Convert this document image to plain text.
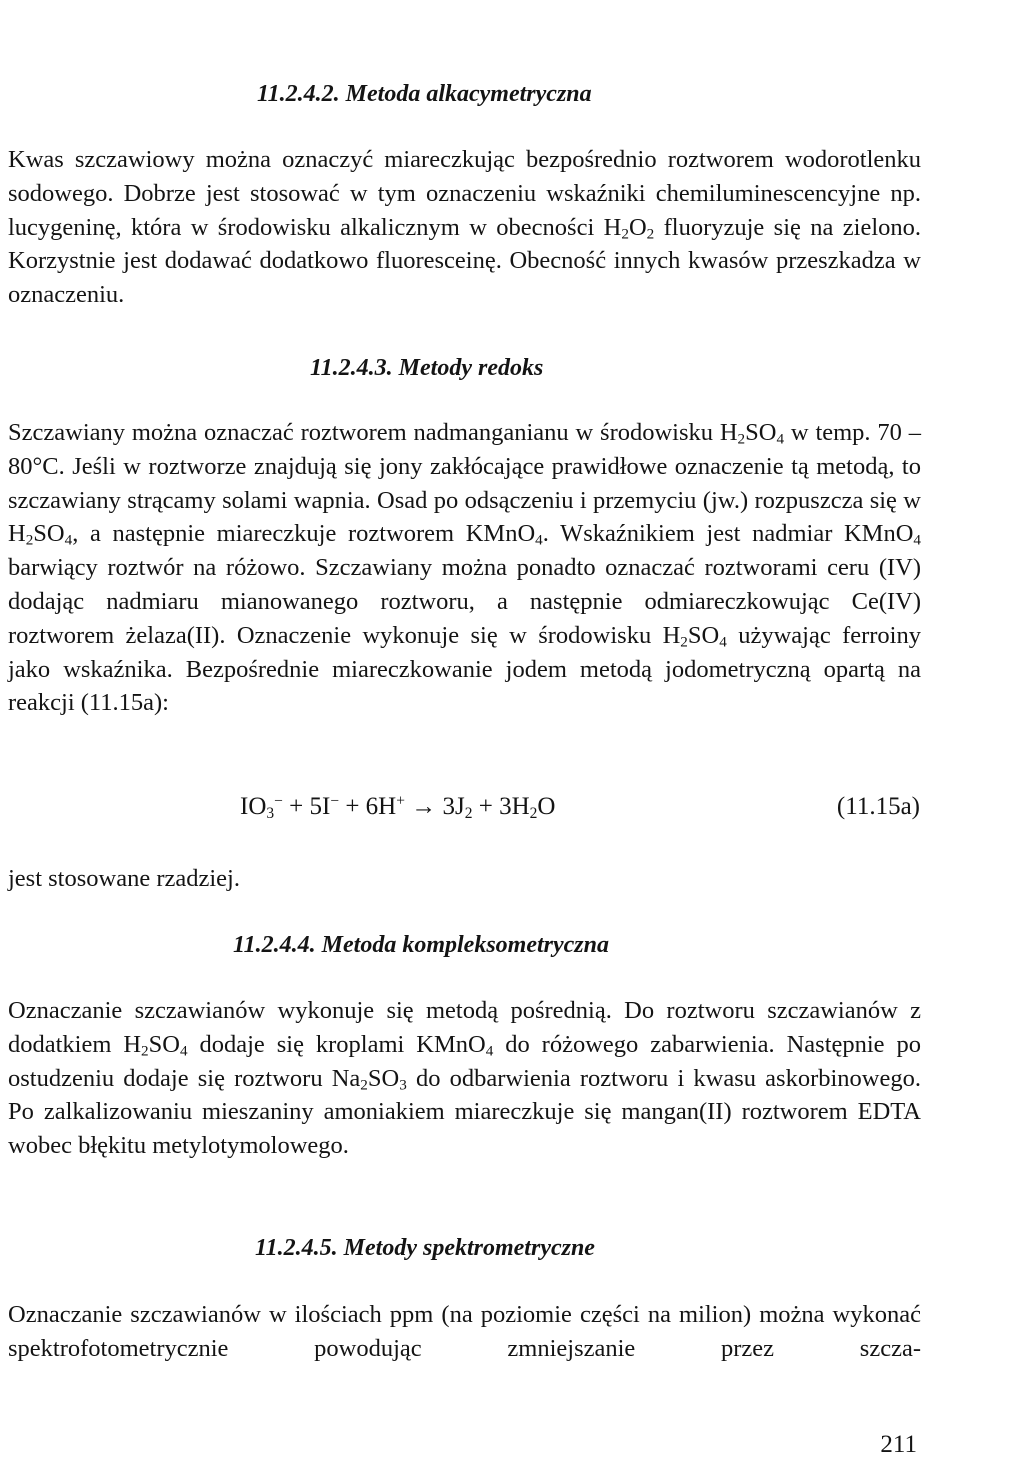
11.2.4.2. Metoda alkacymetryczna
Kwas szczawiowy można oznaczyć miareczkując bezpośrednio roztworem wodorotlenku sodowego. Dobrze jest stosować w tym oznaczeniu wskaźniki chemiluminescencyjne np. lucygeninę, która w środowisku alkalicznym w obecności $H_2O_2$ fluoryzuje się na zielono. Korzystnie jest dodawać dodatkowo fluoresceinę. Obecność innych kwasów przeszkadza w oznaczeniu.
11.2.4.3. Metody redoks
Szczawiany można oznaczać roztworem nadmanganianu w środowisku $H_2SO_4$ w temp. 70 – 80°C. Jeśli w roztworze znajdują się jony zakłócające prawidłowe oznaczenie tą metodą, to szczawiany strącamy solami wapnia. Osad po odsączeniu i przemyciu (jw.) rozpuszcza się w $H_2SO_4$, a następnie miareczkuje roztworem KMnO$_4$. Wskaźnikiem jest nadmiar KMnO$_4$ barwiący roztwór na różowo. Szczawiany można ponadto oznaczać roztworami ceru (IV) dodając nadmiaru mianowanego roztworu, a następnie odmiareczkowując Ce(IV) roztworem żelaza(II). Oznaczenie wykonuje się w środowisku $H_2SO_4$ używając ferroiny jako wskaźnika. Bezpośrednie miareczkowanie jodem metodą jodometryczną opartą na reakcji (11.15a):
$IO_3^- + 5I^- + 6H^+ \to 3J_2 + 3H_2O$	(11.15a)
jest stosowane rzadziej.
11.2.4.4. Metoda kompleksometryczna
Oznaczanie szczawianów wykonuje się metodą pośrednią. Do roztworu szczawianów z dodatkiem $H_2SO_4$ dodaje się kroplami KMnO$_4$ do różowego zabarwienia. Następnie po ostudzeniu dodaje się roztworu $Na_2SO_3$ do odbarwienia roztworu i kwasu askorbinowego. Po zalkalizowaniu mieszaniny amoniakiem miareczkuje się mangan(II) roztworem EDTA wobec błękitu metylotymolowego.
11.2.4.5. Metody spektrometryczne
Oznaczanie szczawianów w ilościach ppm (na poziomie części na milion) można wykonać spektrofotometrycznie powodując zmniejszanie przez szcza-
211
